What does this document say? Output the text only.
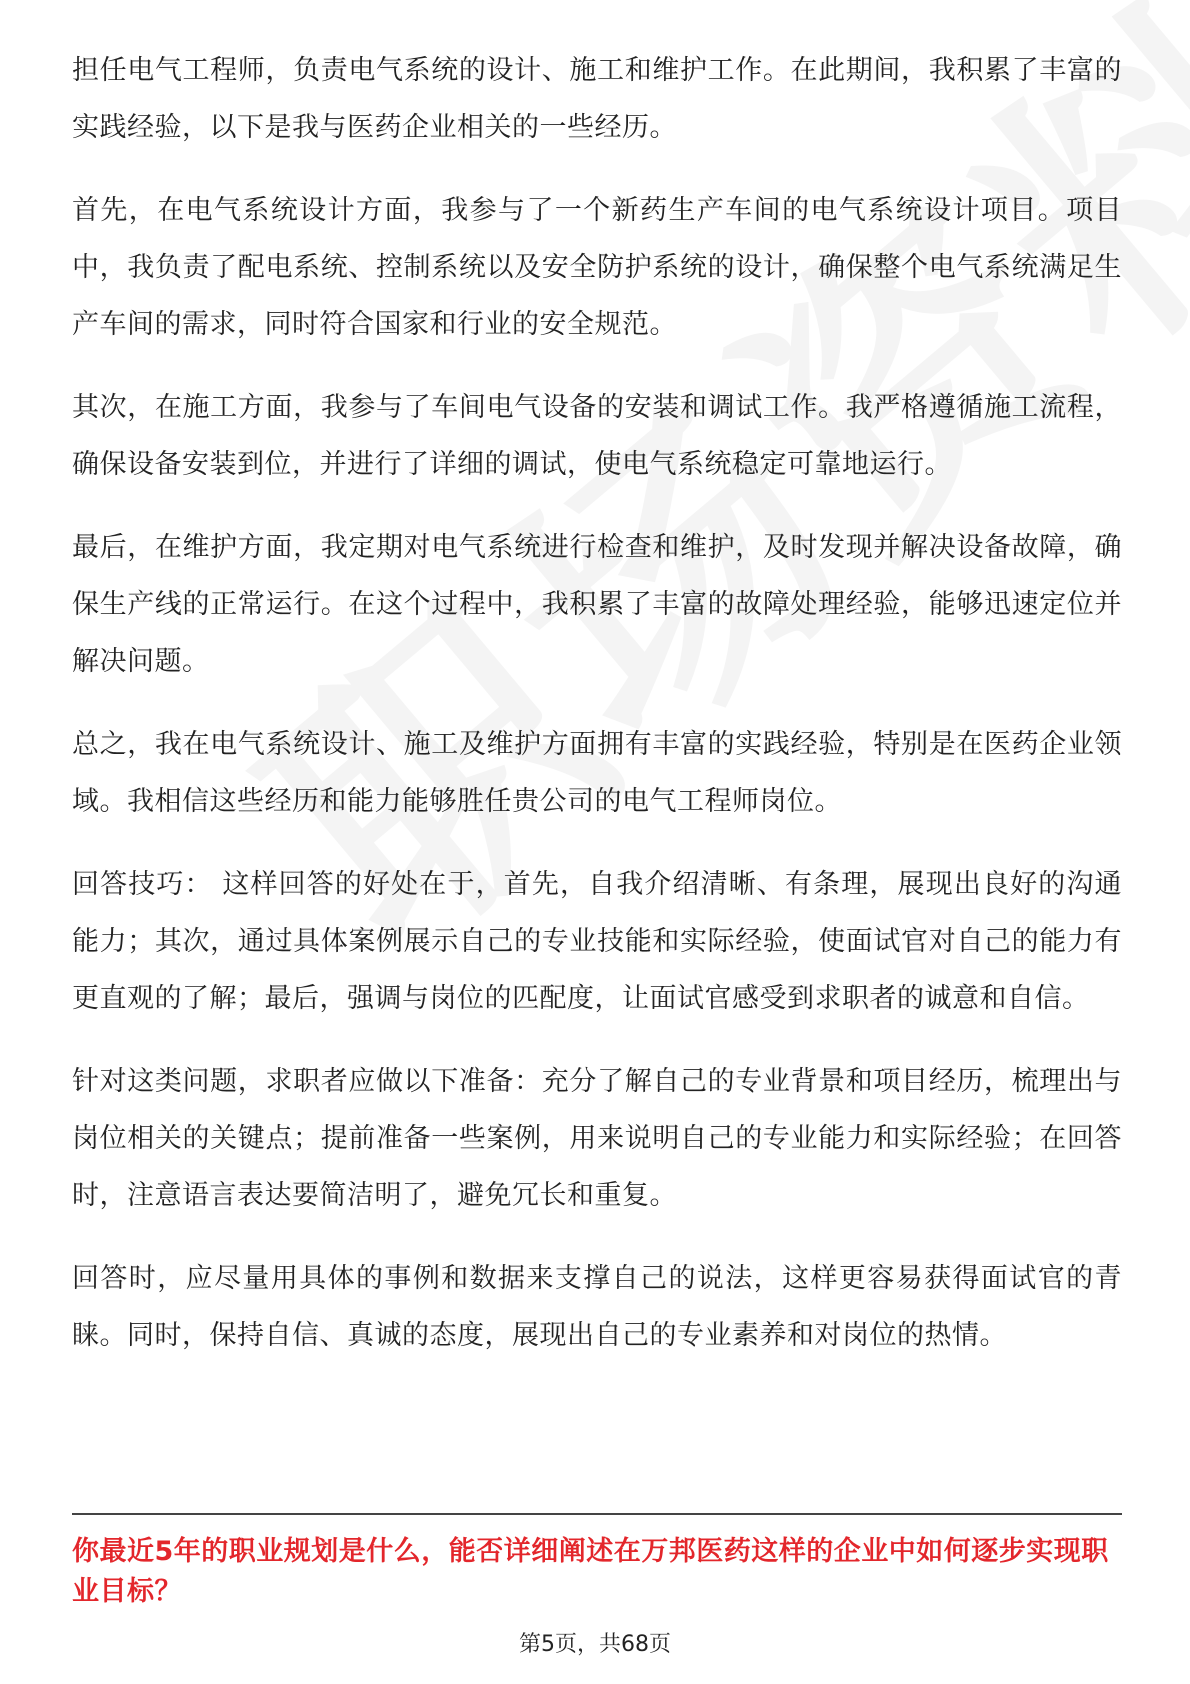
担任电气工程师，负责电气系统的设计、施工和维护工作。在此期间，我积累了丰富的实践经验，以下是我与医药企业相关的一些经历。

首先，在电气系统设计方面，我参与了一个新药生产车间的电气系统设计项目。项目中，我负责了配电系统、控制系统以及安全防护系统的设计，确保整个电气系统满足生产车间的需求，同时符合国家和行业的安全规范。

其次，在施工方面，我参与了车间电气设备的安装和调试工作。我严格遵循施工流程，确保设备安装到位，并进行了详细的调试，使电气系统稳定可靠地运行。

最后，在维护方面，我定期对电气系统进行检查和维护，及时发现并解决设备故障，确保生产线的正常运行。在这个过程中，我积累了丰富的故障处理经验，能够迅速定位并解决问题。

总之，我在电气系统设计、施工及维护方面拥有丰富的实践经验，特别是在医药企业领域。我相信这些经历和能力能够胜任贵公司的电气工程师岗位。

回答技巧： 这样回答的好处在于，首先，自我介绍清晰、有条理，展现出良好的沟通能力；其次，通过具体案例展示自己的专业技能和实际经验，使面试官对自己的能力有更直观的了解；最后，强调与岗位的匹配度，让面试官感受到求职者的诚意和自信。

针对这类问题，求职者应做以下准备：充分了解自己的专业背景和项目经历，梳理出与岗位相关的关键点；提前准备一些案例，用来说明自己的专业能力和实际经验；在回答时，注意语言表达要简洁明了，避免冗长和重复。

回答时，应尽量用具体的事例和数据来支撑自己的说法，这样更容易获得面试官的青睐。同时，保持自信、真诚的态度，展现出自己的专业素养和对岗位的热情。

你最近5年的职业规划是什么，能否详细阐述在万邦医药这样的企业中如何逐步实现职业目标？
第5页，共68页
